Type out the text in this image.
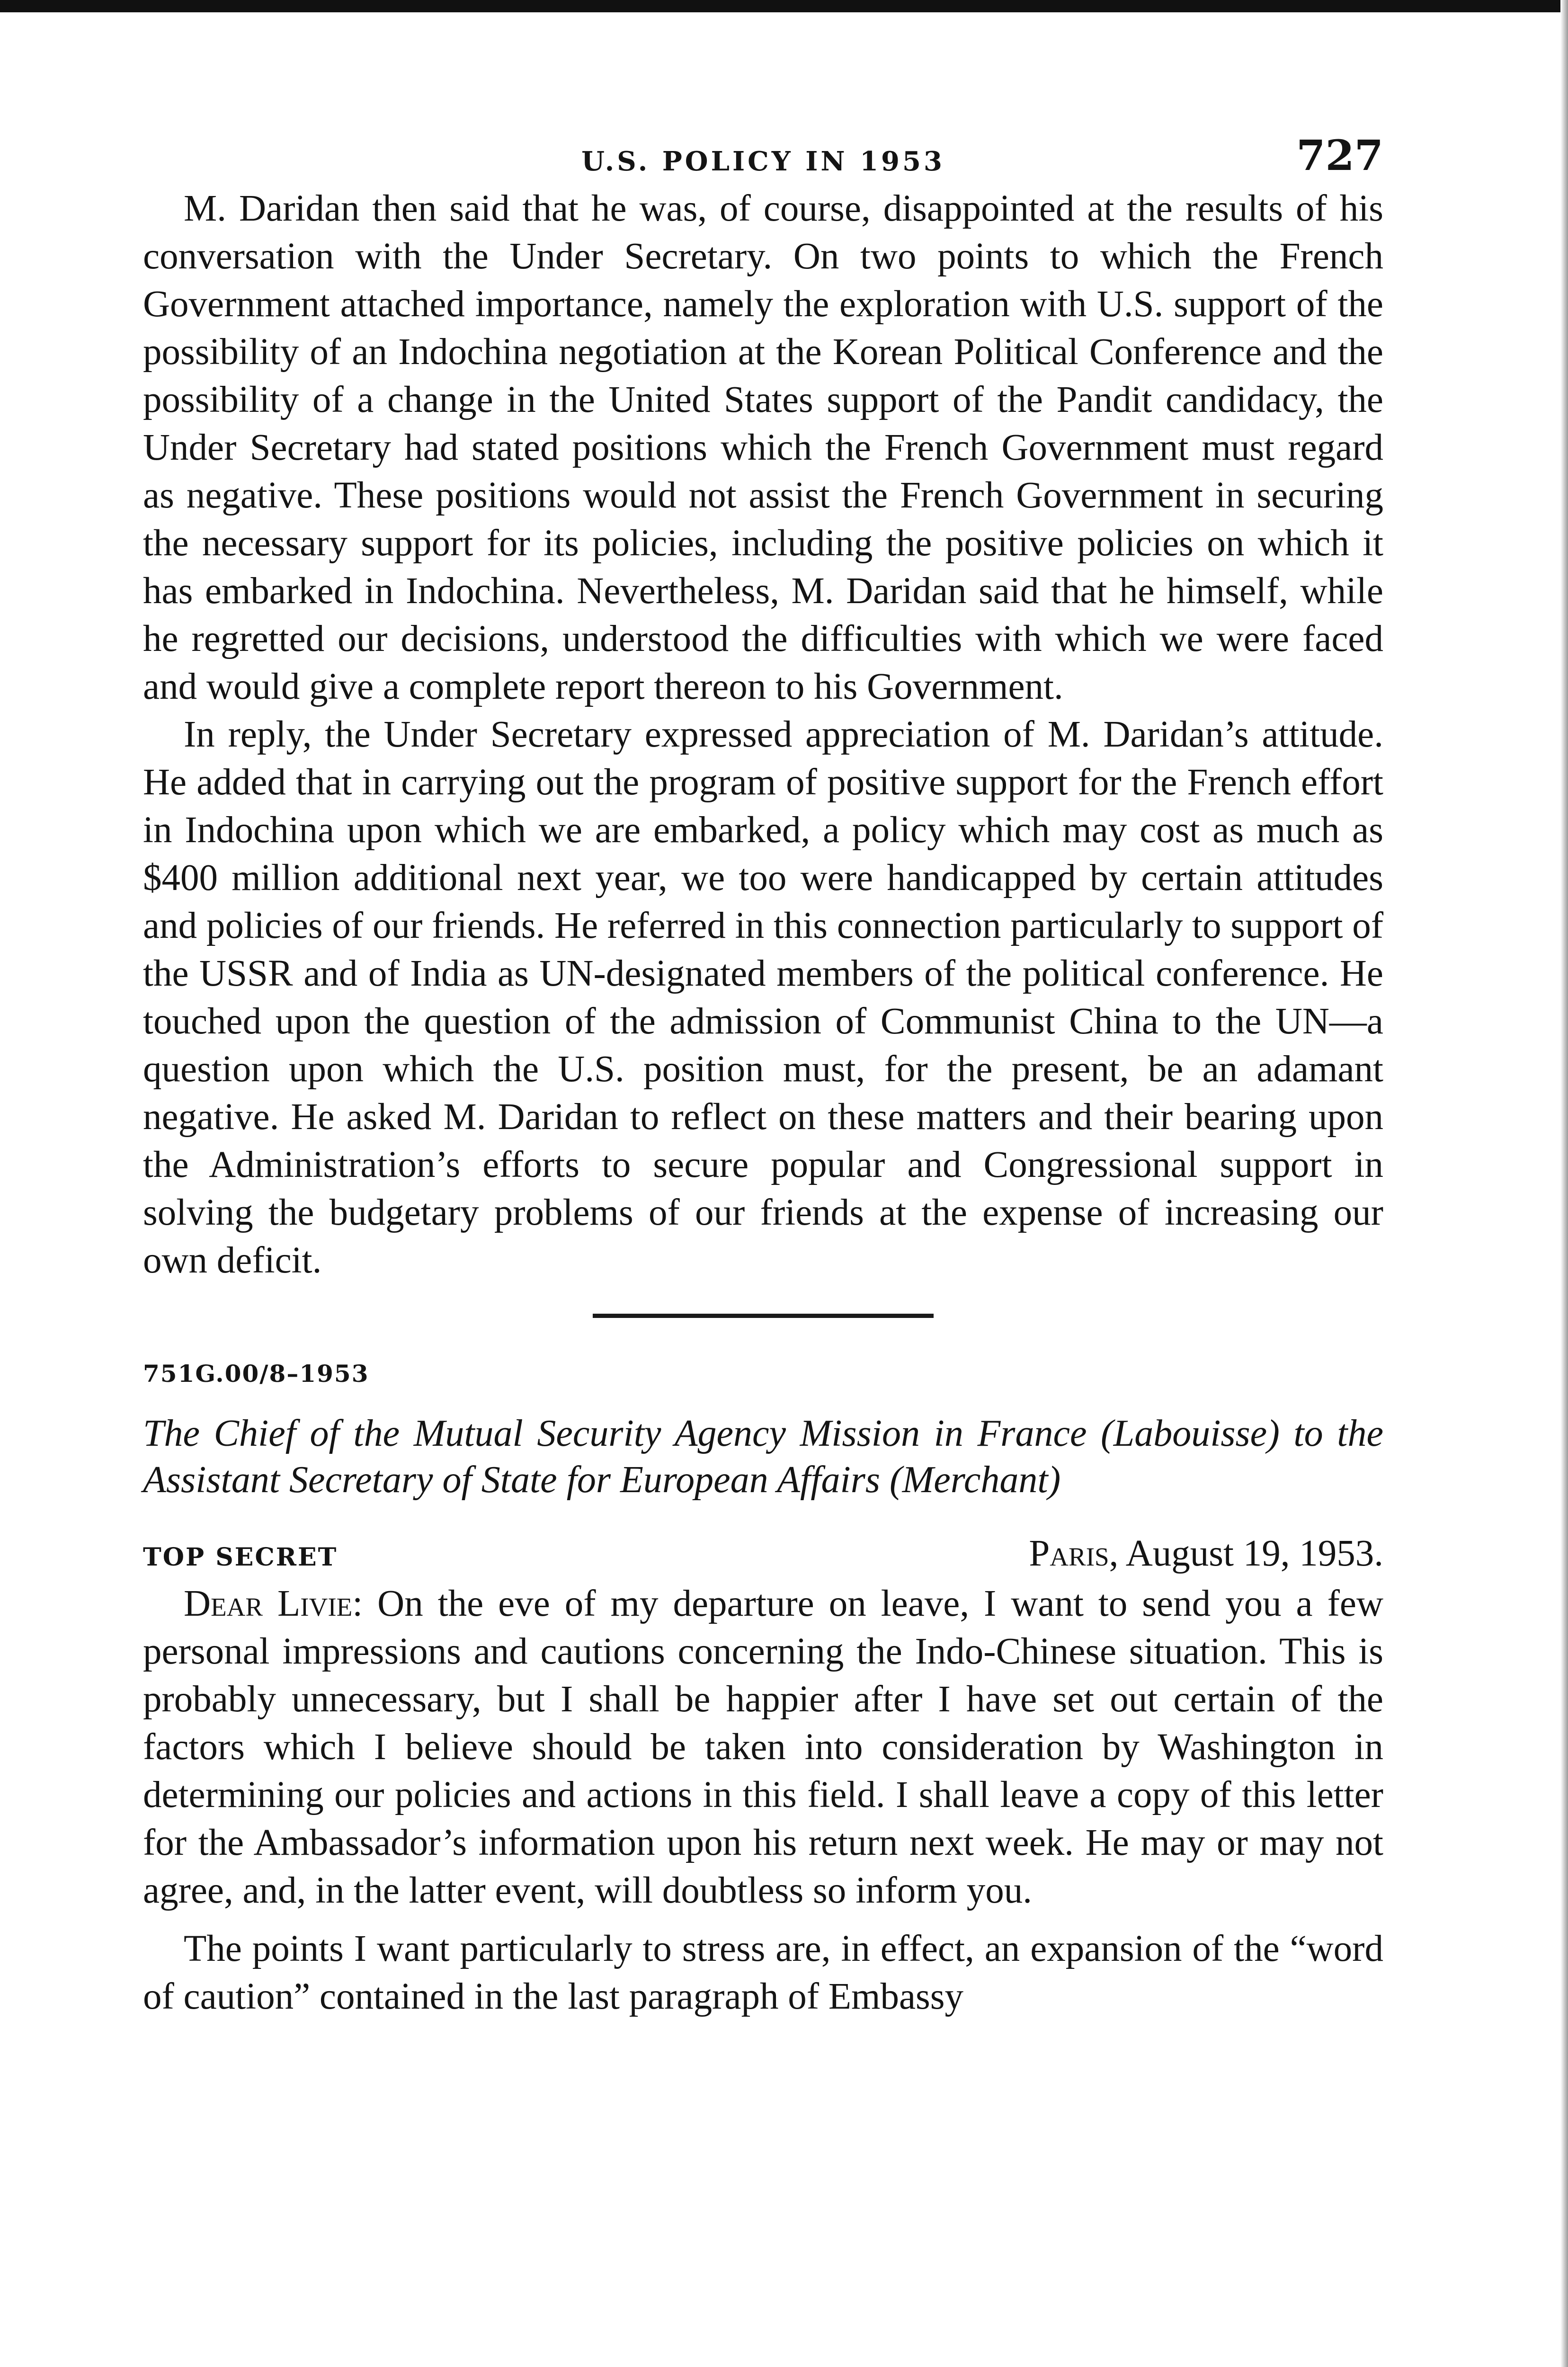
U.S. POLICY IN 1953	727

M. Daridan then said that he was, of course, disappointed at the results of his conversation with the Under Secretary. On two points to which the French Government attached importance, namely the exploration with U.S. support of the possibility of an Indochina negotiation at the Korean Political Conference and the possibility of a change in the United States support of the Pandit candidacy, the Under Secretary had stated positions which the French Government must regard as negative. These positions would not assist the French Government in securing the necessary support for its policies, including the positive policies on which it has embarked in Indochina. Nevertheless, M. Daridan said that he himself, while he regretted our decisions, understood the difficulties with which we were faced and would give a complete report thereon to his Government.

In reply, the Under Secretary expressed appreciation of M. Daridan’s attitude. He added that in carrying out the program of positive support for the French effort in Indochina upon which we are embarked, a policy which may cost as much as $400 million additional next year, we too were handicapped by certain attitudes and policies of our friends. He referred in this connection particularly to support of the USSR and of India as UN-designated members of the political conference. He touched upon the question of the admission of Communist China to the UN—a question upon which the U.S. position must, for the present, be an adamant negative. He asked M. Daridan to reflect on these matters and their bearing upon the Administration’s efforts to secure popular and Congressional support in solving the budgetary problems of our friends at the expense of increasing our own deficit.

751G.00/8–1953
The Chief of the Mutual Security Agency Mission in France (Labouisse) to the Assistant Secretary of State for European Affairs (Merchant)
TOP SECRET	Paris, August 19, 1953.

Dear Livie: On the eve of my departure on leave, I want to send you a few personal impressions and cautions concerning the Indo-Chinese situation. This is probably unnecessary, but I shall be happier after I have set out certain of the factors which I believe should be taken into consideration by Washington in determining our policies and actions in this field. I shall leave a copy of this letter for the Ambassador’s information upon his return next week. He may or may not agree, and, in the latter event, will doubtless so inform you.

The points I want particularly to stress are, in effect, an expansion of the “word of caution” contained in the last paragraph of Embassy
